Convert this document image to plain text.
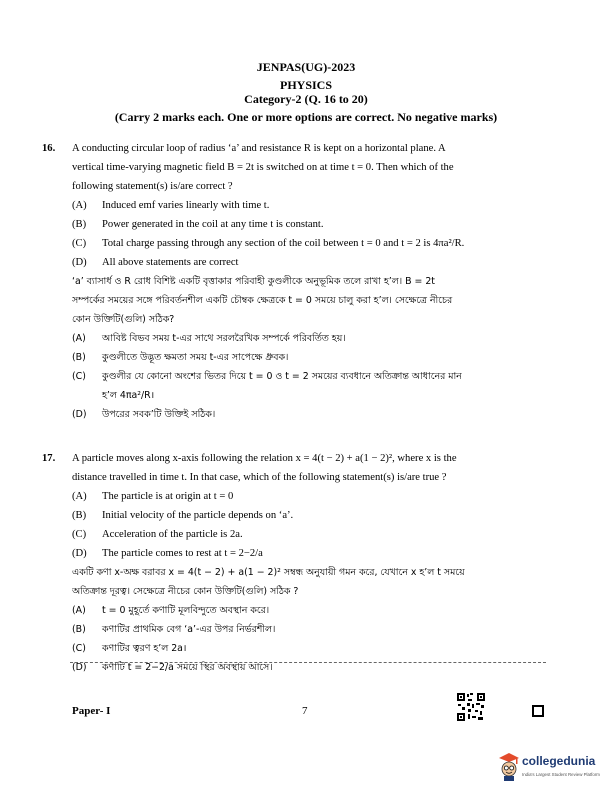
JENPAS(UG)-2023
PHYSICS
Category-2 (Q. 16 to 20)
(Carry 2 marks each. One or more options are correct. No negative marks)
16. A conducting circular loop of radius ‘a’ and resistance R is kept on a horizontal plane. A
vertical time-varying magnetic field B = 2t is switched on at time t = 0. Then which of the
following statement(s) is/are correct ?
(A)	Induced emf varies linearly with time t.
(B)	Power generated in the coil at any time t is constant.
(C)	Total charge passing through any section of the coil between t = 0 and t = 2 is 4πa²/R.
(D)	All above statements are correct
‘a’ ব্যাসার্ধ ও R রোধ বিশিষ্ট একটি বৃত্তাকার পরিবাহী কুণ্ডলীকে অনুভূমিক তলে রাখা হ’ল। B = 2t
সম্পর্কের সময়ের সঙ্গে পরিবর্তনশীল একটি চৌম্বক ক্ষেত্রকে t = 0 সময়ে চালু করা হ’ল। সেক্ষেত্রে নীচের
কোন উক্তিটি(গুলি) সঠিক?
(A)	আবিষ্ট বিভব সময় t-এর সাথে সরলরৈখিক সম্পর্কে পরিবর্তিত হয়।
(B)	কুণ্ডলীতে উদ্ভূত ক্ষমতা সময় t-এর সাপেক্ষে ধ্রুবক।
(C)	কুণ্ডলীর যে কোনো অংশের ভিতর দিয়ে t = 0 ও t = 2 সময়ের ব্যবধানে অতিক্রান্ত আধানের মান
হ’ল 4πa²/R।
(D)	উপরের সবক’টি উক্তিই সঠিক।
17. A particle moves along x-axis following the relation x = 4(t − 2) + a(1 − 2)², where x is the
distance travelled in time t. In that case, which of the following statement(s) is/are true ?
(A)	The particle is at origin at t = 0
(B)	Initial velocity of the particle depends on ‘a’.
(C)	Acceleration of the particle is 2a.
(D)	The particle comes to rest at t = 2−2/a
একটি কণা x-অক্ষ বরাবর x = 4(t − 2) + a(1 − 2)² সম্বন্ধ অনুযায়ী গমন করে, যেখানে x হ’ল t সময়ে
অতিক্রান্ত দূরত্ব। সেক্ষেত্রে নীচের কোন উক্তিটি(গুলি) সঠিক ?
(A)	t = 0 মুহূর্তে কণাটি মূলবিন্দুতে অবস্থান করে।
(B)	কণাটির প্রাথমিক বেগ ‘a’-এর উপর নির্ভরশীল।
(C)	কণাটির ত্বরণ হ’ল 2a।
(D)	কণাটি t = 2−2/a সময়ে স্থির অবস্থায় আসে।
Paper- I	7
collegedunia
India's Largest Student Review Platform
